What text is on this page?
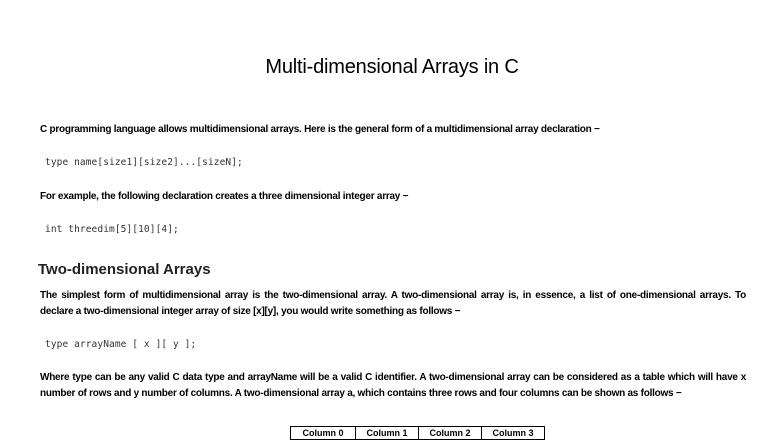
Multi-dimensional Arrays in C
C programming language allows multidimensional arrays. Here is the general form of a multidimensional array declaration −
type name[size1][size2]...[sizeN];
For example, the following declaration creates a three dimensional integer array −
int threedim[5][10][4];
Two-dimensional Arrays
The simplest form of multidimensional array is the two-dimensional array. A two-dimensional array is, in essence, a list of one-dimensional arrays. To declare a two-dimensional integer array of size [x][y], you would write something as follows −
type arrayName [ x ][ y ];
Where type can be any valid C data type and arrayName will be a valid C identifier. A two-dimensional array can be considered as a table which will have x number of rows and y number of columns. A two-dimensional array a, which contains three rows and four columns can be shown as follows −
Column 0	Column 1	Column 2	Column 3
